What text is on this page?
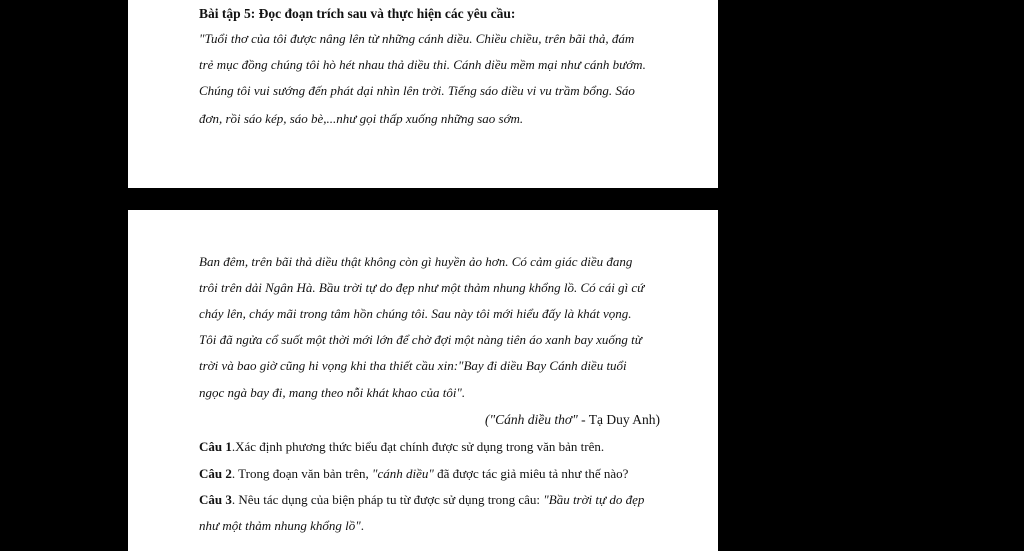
Bài tập 5: Đọc đoạn trích sau và thực hiện các yêu cầu:
"Tuổi thơ của tôi được nâng lên từ những cánh diều. Chiều chiều, trên bãi thả, đám
trẻ mục đồng chúng tôi hò hét nhau thả diều thi. Cánh diều mềm mại như cánh bướm.
Chúng tôi vui sướng đến phát dại nhìn lên trời. Tiếng sáo diều vi vu trầm bổng. Sáo
đơn, rồi sáo kép, sáo bè,...như gọi thấp xuống những sao sớm.
Ban đêm, trên bãi thả diều thật không còn gì huyền ảo hơn. Có cảm giác diều đang
trôi trên dải Ngân Hà. Bầu trời tự do đẹp như một thảm nhung khổng lồ. Có cái gì cứ
cháy lên, cháy mãi trong tâm hồn chúng tôi. Sau này tôi mới hiểu đấy là khát vọng.
Tôi đã ngửa cổ suốt một thời mới lớn để chờ đợi một nàng tiên áo xanh bay xuống từ
trời và bao giờ cũng hi vọng khi tha thiết cầu xin:"Bay đi diều Bay Cánh diều tuổi
ngọc ngà bay đi, mang theo nỗi khát khao của tôi".
("Cánh diều thơ" - Tạ Duy Anh)
Câu 1.Xác định phương thức biểu đạt chính được sử dụng trong văn bản trên.
Câu 2. Trong đoạn văn bản trên, "cánh diều" đã được tác giả miêu tả như thế nào?
Câu 3. Nêu tác dụng của biện pháp tu từ được sử dụng trong câu: "Bầu trời tự do đẹp
như một thảm nhung khổng lồ".
